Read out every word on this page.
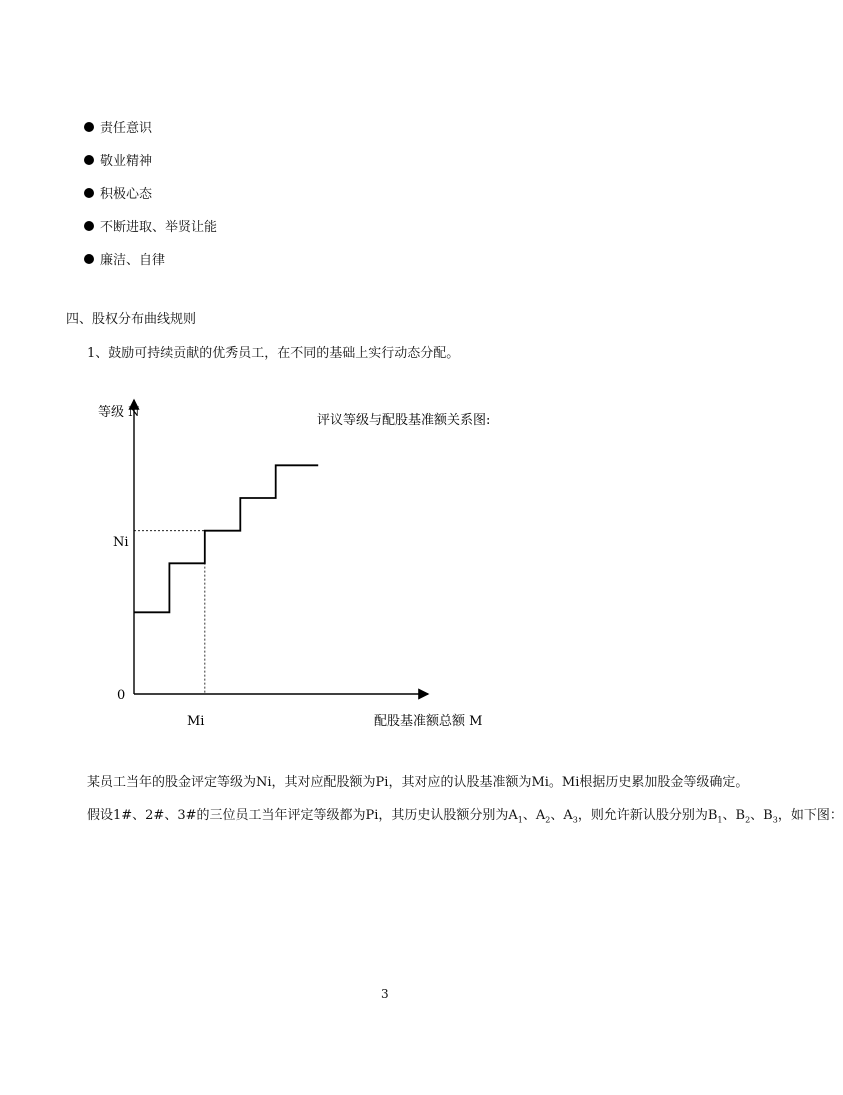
责任意识
敬业精神
积极心态
不断进取、举贤让能
廉洁、自律
四、股权分布曲线规则
1、鼓励可持续贡献的优秀员工，在不同的基础上实行动态分配。
等级 N
评议等级与配股基准额关系图:
0
Ni
Mi	配股基准额总额 M
某员工当年的股金评定等级为Ni，其对应配股额为Pi，其对应的认股基准额为Mi。Mi根据历史累加股金等级确定。
假设1#、2#、3#的三位员工当年评定等级都为Pi，其历史认股额分别为$A_1$、$A_2$、$A_3$，则允许新认股分别为$B_1$、$B_2$、$B_3$，如下图：
3
